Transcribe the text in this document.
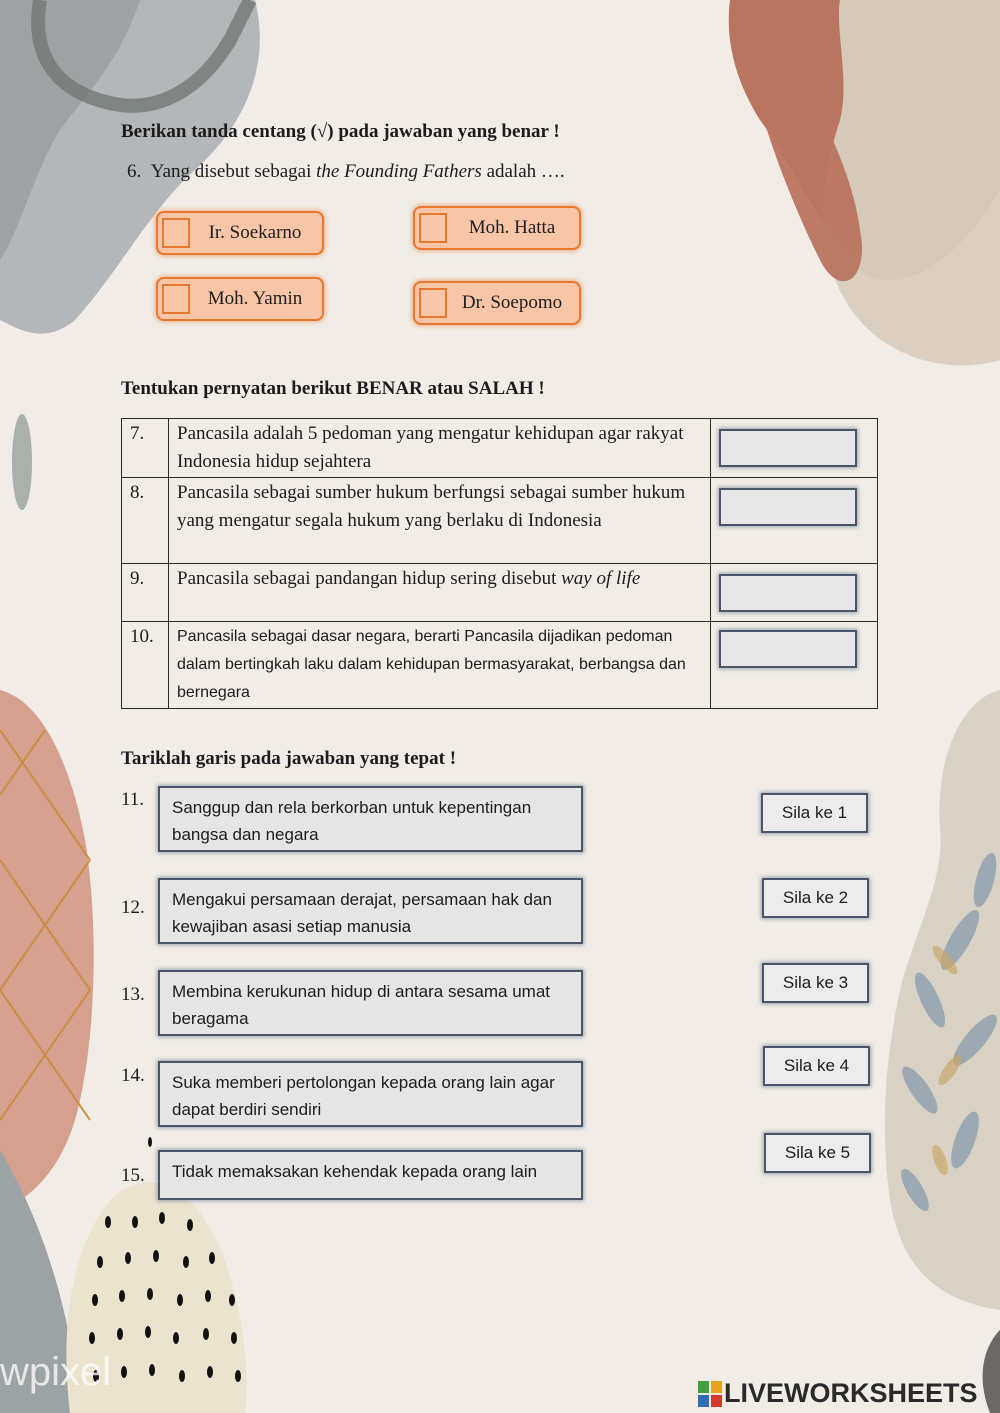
Berikan tanda centang (√) pada jawaban yang benar !
6. Yang disebut sebagai the Founding Fathers adalah ….
Ir. Soekarno	Moh. Hatta
Moh. Yamin	Dr. Soepomo
Tentukan pernyatan berikut BENAR atau SALAH !
7.	Pancasila adalah 5 pedoman yang mengatur kehidupan agar rakyat Indonesia hidup sejahtera	

8.	Pancasila sebagai sumber hukum berfungsi sebagai sumber hukum yang mengatur segala hukum yang berlaku di Indonesia	

9.	Pancasila sebagai pandangan hidup sering disebut way of life	

10.	Pancasila sebagai dasar negara, berarti Pancasila dijadikan pedoman dalam bertingkah laku dalam kehidupan bermasyarakat, berbangsa dan bernegara	
Tariklah garis pada jawaban yang tepat !
11.	Sanggup dan rela berkorban untuk kepentingan bangsa dan negara
12.	Mengakui persamaan derajat, persamaan hak dan kewajiban asasi setiap manusia
13.	Membina kerukunan hidup di antara sesama umat beragama
14.	Suka memberi pertolongan kepada orang lain agar dapat berdiri sendiri
15.	Tidak memaksakan kehendak kepada orang lain
Sila ke 1
Sila ke 2
Sila ke 3
Sila ke 4
Sila ke 5
wpixel	LIVEWORKSHEETS
